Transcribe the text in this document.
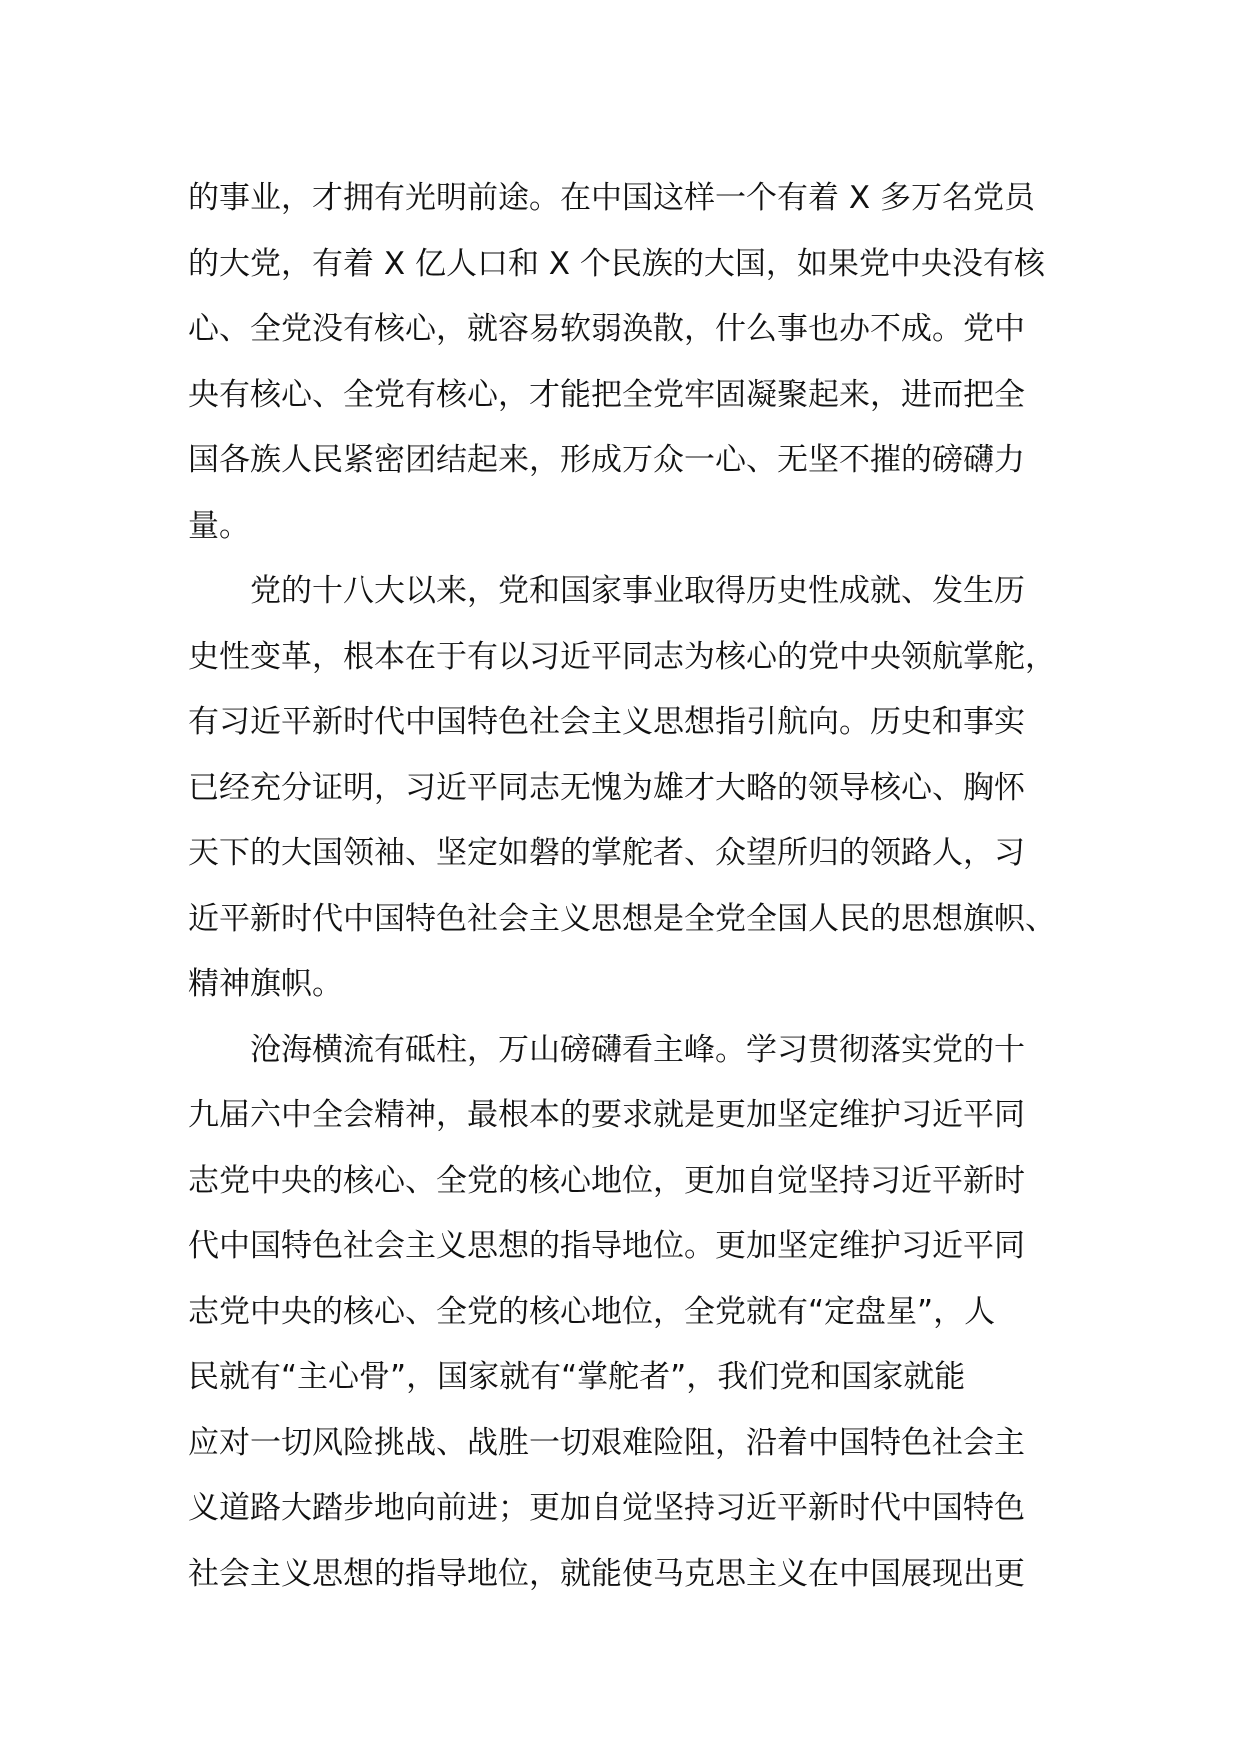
的事业，才拥有光明前途。在中国这样一个有着 X 多万名党员
的大党，有着 X 亿人口和 X 个民族的大国，如果党中央没有核
心、全党没有核心，就容易软弱涣散，什么事也办不成。党中
央有核心、全党有核心，才能把全党牢固凝聚起来，进而把全
国各族人民紧密团结起来，形成万众一心、无坚不摧的磅礴力
量。
　　党的十八大以来，党和国家事业取得历史性成就、发生历
史性变革，根本在于有以习近平同志为核心的党中央领航掌舵，
有习近平新时代中国特色社会主义思想指引航向。历史和事实
已经充分证明，习近平同志无愧为雄才大略的领导核心、胸怀
天下的大国领袖、坚定如磐的掌舵者、众望所归的领路人，习
近平新时代中国特色社会主义思想是全党全国人民的思想旗帜、
精神旗帜。
　　沧海横流有砥柱，万山磅礴看主峰。学习贯彻落实党的十
九届六中全会精神，最根本的要求就是更加坚定维护习近平同
志党中央的核心、全党的核心地位，更加自觉坚持习近平新时
代中国特色社会主义思想的指导地位。更加坚定维护习近平同
志党中央的核心、全党的核心地位，全党就有“定盘星”，人
民就有“主心骨”，国家就有“掌舵者”，我们党和国家就能
应对一切风险挑战、战胜一切艰难险阻，沿着中国特色社会主
义道路大踏步地向前进；更加自觉坚持习近平新时代中国特色
社会主义思想的指导地位，就能使马克思主义在中国展现出更
